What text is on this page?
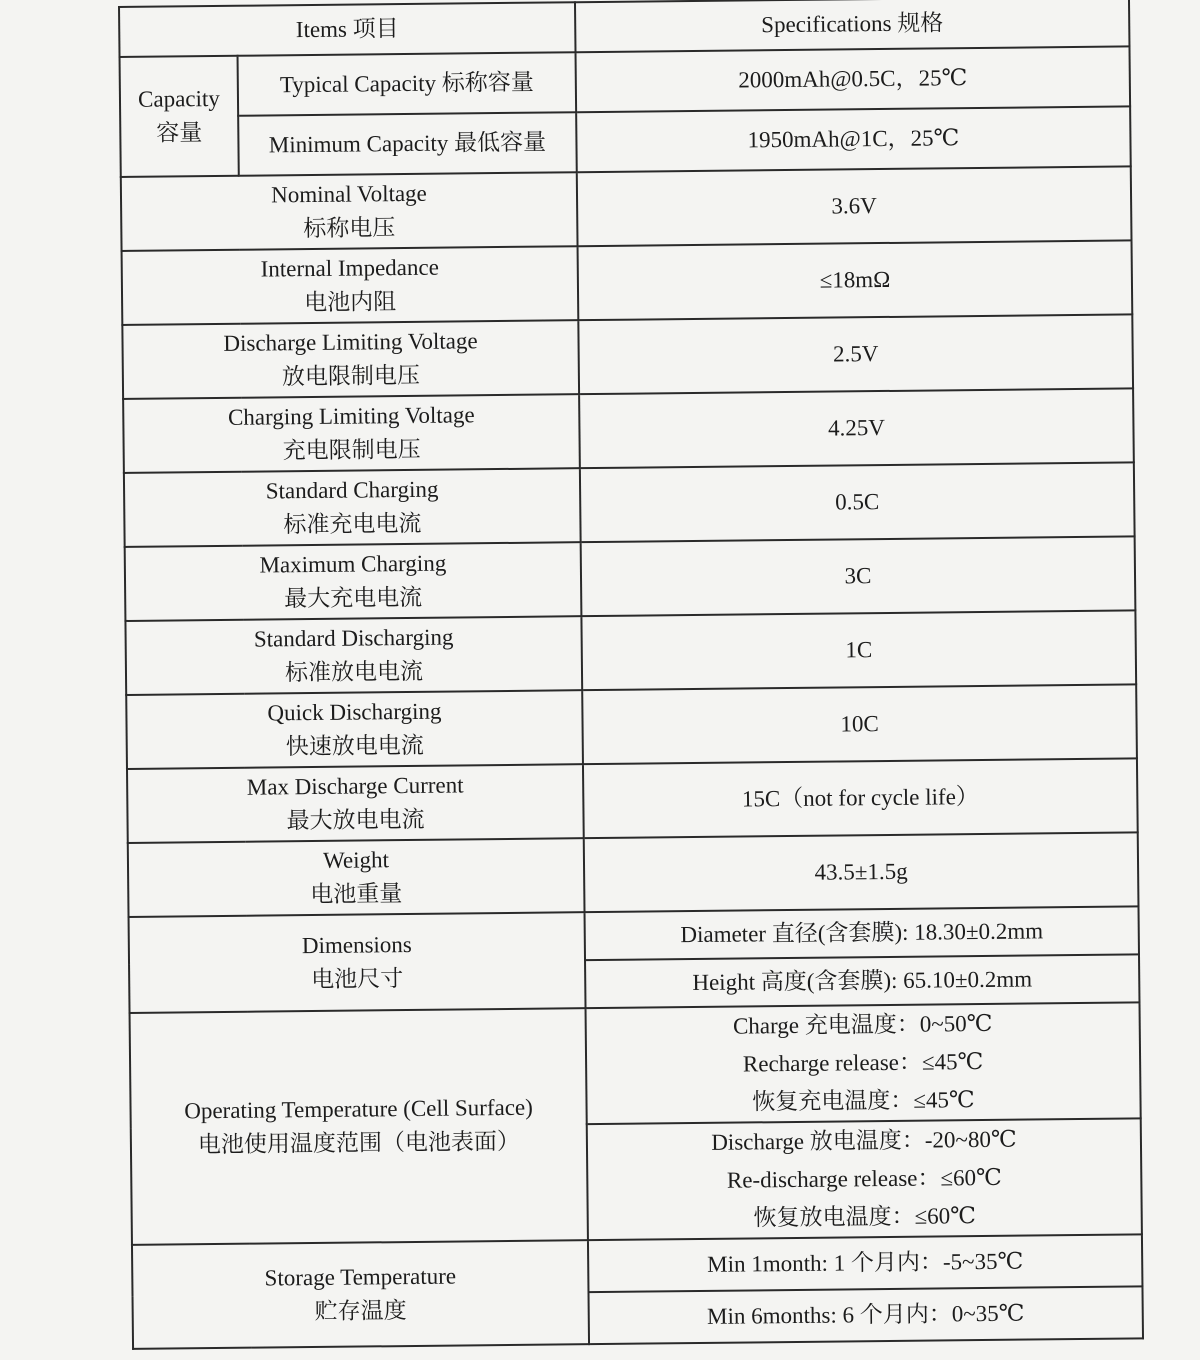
Items 项目		Specifications 规格

Capacity
容量	Typical Capacity 标称容量	2000mAh@0.5C，25℃
	Minimum Capacity 最低容量	1950mAh@1C，25℃

Nominal Voltage
标称电压		3.6V

Internal Impedance
电池内阻		≤18mΩ

Discharge Limiting Voltage
放电限制电压		2.5V

Charging Limiting Voltage
充电限制电压		4.25V

Standard Charging
标准充电电流		0.5C

Maximum Charging
最大充电电流		3C

Standard Discharging
标准放电电流		1C

Quick Discharging
快速放电电流		10C

Max Discharge Current
最大放电电流		15C（not for cycle life）

Weight
电池重量		43.5±1.5g

Dimensions
电池尺寸		Diameter 直径(含套膜): 18.30±0.2mm
		Height 高度(含套膜): 65.10±0.2mm

Operating Temperature (Cell Surface)
电池使用温度范围（电池表面）		Charge 充电温度：0~50℃
Recharge release：≤45℃
恢复充电温度：≤45℃

		Discharge 放电温度：-20~80℃
Re-discharge release：≤60℃
恢复放电温度：≤60℃

Storage Temperature
贮存温度		Min 1month: 1 个月内：-5~35℃
		Min 6months: 6 个月内：0~35℃
